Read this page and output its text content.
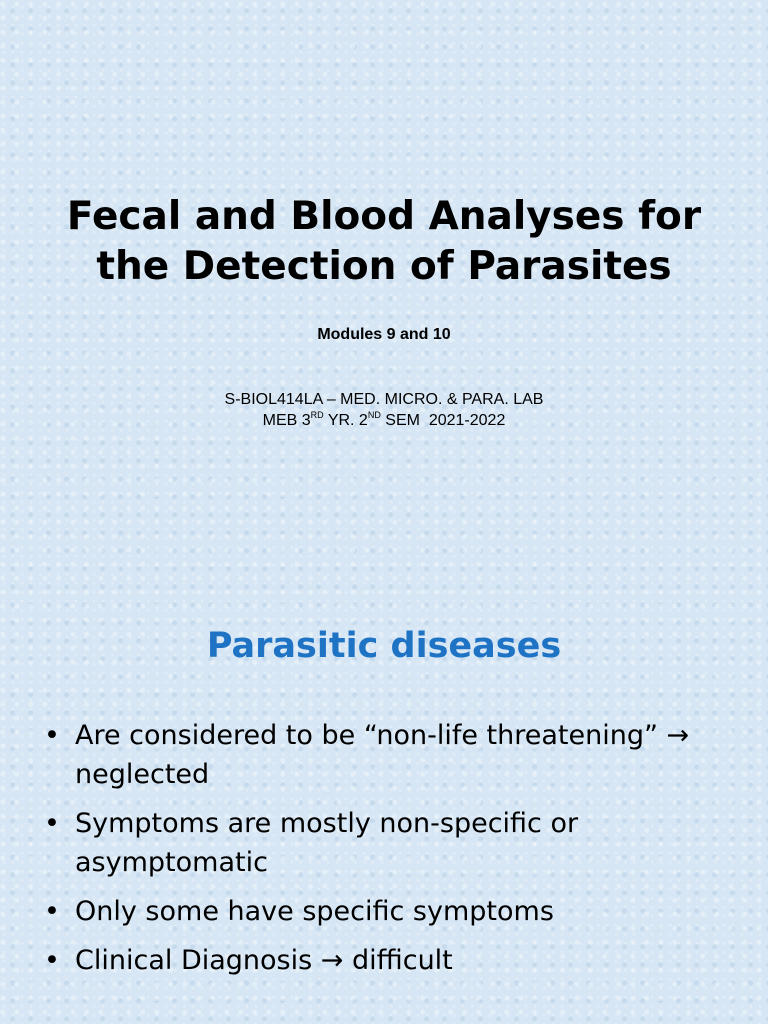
Fecal and Blood Analyses for
the Detection of Parasites
Modules 9 and 10
S-BIOL414LA – MED. MICRO. & PARA. LAB
MEB 3RD YR. 2ND SEM  2021-2022
Parasitic diseases
• Are considered to be “non-life threatening” → neglected
• Symptoms are mostly non-specific or asymptomatic
• Only some have specific symptoms
• Clinical Diagnosis → difficult
